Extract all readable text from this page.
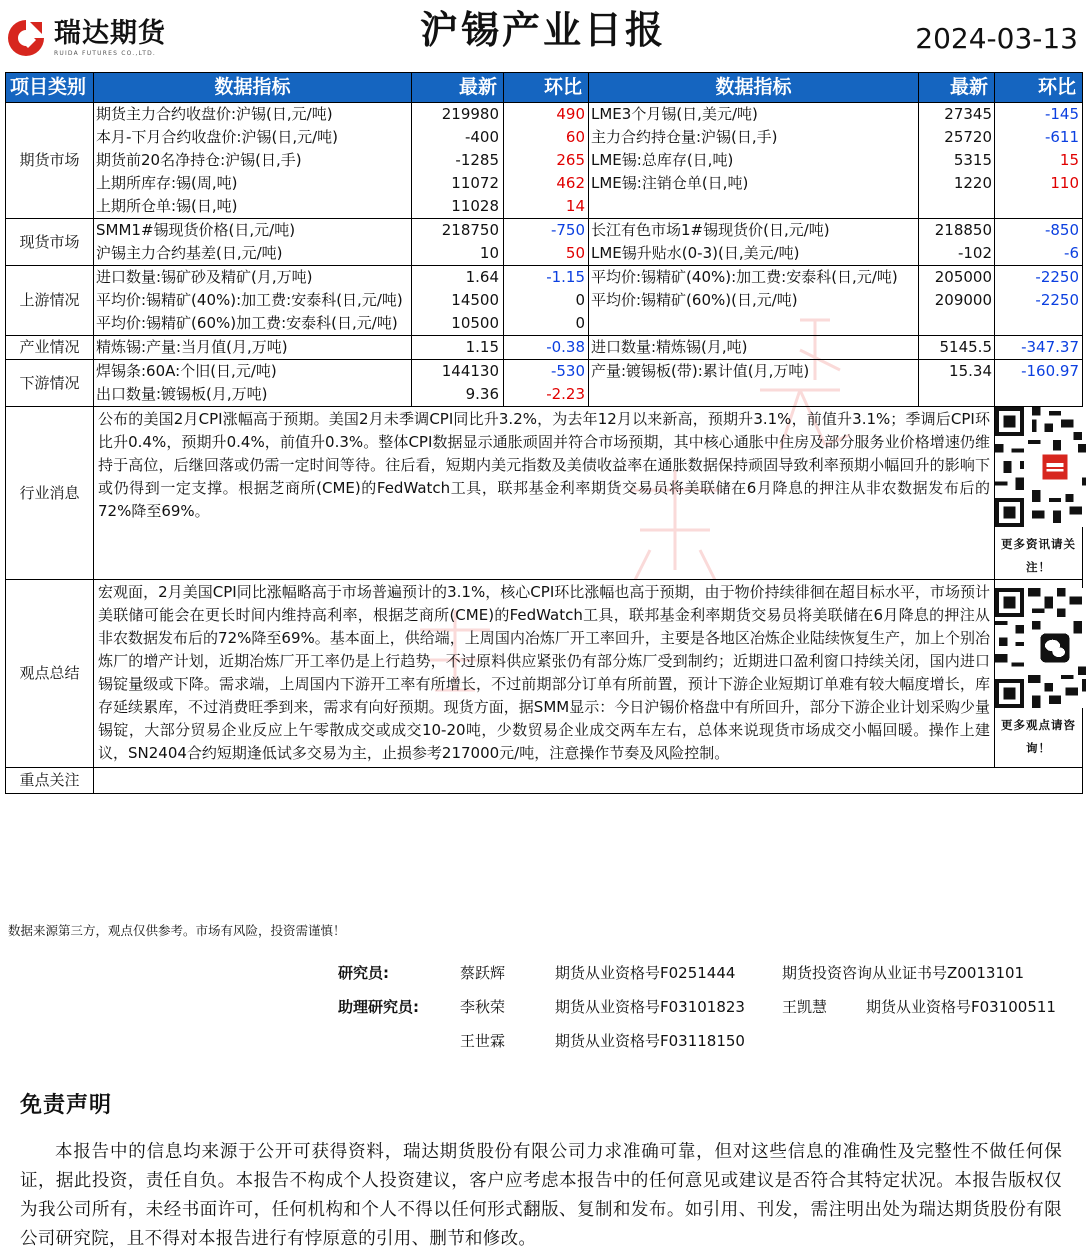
瑞达期货
RUIDA FUTURES CO.,LTD.
沪锡产业日报	2024-03-13
项目类别	数据指标	最新	环比	数据指标	最新	环比
期货市场	期货主力合约收盘价:沪锡(日,元/吨)	219980	490	LME3个月锡(日,美元/吨)	27345	-145
	本月-下月合约收盘价:沪锡(日,元/吨)	-400	60	主力合约持仓量:沪锡(日,手)	25720	-611
	期货前20名净持仓:沪锡(日,手)	-1285	265	LME锡:总库存(日,吨)	5315	15
	上期所库存:锡(周,吨)	11072	462	LME锡:注销仓单(日,吨)	1220	110
	上期所仓单:锡(日,吨)	11028	14			
现货市场	SMM1#锡现货价格(日,元/吨)	218750	-750	长江有色市场1#锡现货价(日,元/吨)	218850	-850
	沪锡主力合约基差(日,元/吨)	10	50	LME锡升贴水(0-3)(日,美元/吨)	-102	-6
上游情况	进口数量:锡矿砂及精矿(月,万吨)	1.64	-1.15	平均价:锡精矿(40%):加工费:安泰科(日,元/吨)	205000	-2250
	平均价:锡精矿(40%):加工费:安泰科(日,元/吨)	14500	0	平均价:锡精矿(60%)(日,元/吨)	209000	-2250
	平均价:锡精矿(60%)加工费:安泰科(日,元/吨)	10500	0			
产业情况	精炼锡:产量:当月值(月,万吨)	1.15	-0.38	进口数量:精炼锡(月,吨)	5145.5	-347.37
下游情况	焊锡条:60A:个旧(日,元/吨)	144130	-530	产量:镀锡板(带):累计值(月,万吨)	15.34	-160.97
	出口数量:镀锡板(月,万吨)	9.36	-2.23			
行业消息	公布的美国2月CPI涨幅高于预期。美国2月未季调CPI同比升3.2%，为去年12月以来新高，预期升3.1%，前值升3.1%；季调后CPI环比升0.4%，预期升0.4%，前值升0.3%。整体CPI数据显示通胀顽固并符合市场预期，其中核心通胀中住房及部分服务业价格增速仍维持于高位，后继回落或仍需一定时间等待。往后看，短期内美元指数及美债收益率在通胀数据保持顽固导致利率预期小幅回升的影响下或仍得到一定支撑。根据芝商所(CME)的FedWatch工具，联邦基金利率期货交易员将美联储在6月降息的押注从非农数据发布后的72%降至69%。					更多资讯请关注！

观点总结	宏观面，2月美国CPI同比涨幅略高于市场普遍预计的3.1%，核心CPI环比涨幅也高于预期，由于物价持续徘徊在超目标水平，市场预计美联储可能会在更长时间内维持高利率，根据芝商所(CME)的FedWatch工具，联邦基金利率期货交易员将美联储在6月降息的押注从非农数据发布后的72%降至69%。基本面上，供给端，上周国内冶炼厂开工率回升，主要是各地区冶炼企业陆续恢复生产，加上个别冶炼厂的增产计划，近期冶炼厂开工率仍是上行趋势，不过原料供应紧张仍有部分炼厂受到制约；近期进口盈利窗口持续关闭，国内进口锡锭量级或下降。需求端，上周国内下游开工率有所增长，不过前期部分订单有所前置，预计下游企业短期订单难有较大幅度增长，库存延续累库，不过消费旺季到来，需求有向好预期。现货方面，据SMM显示：今日沪锡价格盘中有所回升，部分下游企业计划采购少量锡锭，大部分贸易企业反应上午零散成交或成交10-20吨，少数贸易企业成交两车左右，总体来说现货市场成交小幅回暖。操作上建议，SN2404合约短期逢低试多交易为主，止损参考217000元/吨，注意操作节奏及风险控制。					更多观点请咨询！

重点关注						
数据来源第三方，观点仅供参考。市场有风险，投资需谨慎！
研究员:	蔡跃辉	期货从业资格号F0251444	期货投资咨询从业证书号Z0013101
助理研究员:	李秋荣	期货从业资格号F03101823 王凯慧	期货从业资格号F03100511
王世霖	期货从业资格号F03118150
免责声明
本报告中的信息均来源于公开可获得资料，瑞达期货股份有限公司力求准确可靠，但对这些信息的准确性及完整性不做任何保证，据此投资，责任自负。本报告不构成个人投资建议，客户应考虑本报告中的任何意见或建议是否符合其特定状况。本报告版权仅为我公司所有，未经书面许可，任何机构和个人不得以任何形式翻版、复制和发布。如引用、刊发，需注明出处为瑞达期货股份有限公司研究院，且不得对本报告进行有悖原意的引用、删节和修改。
